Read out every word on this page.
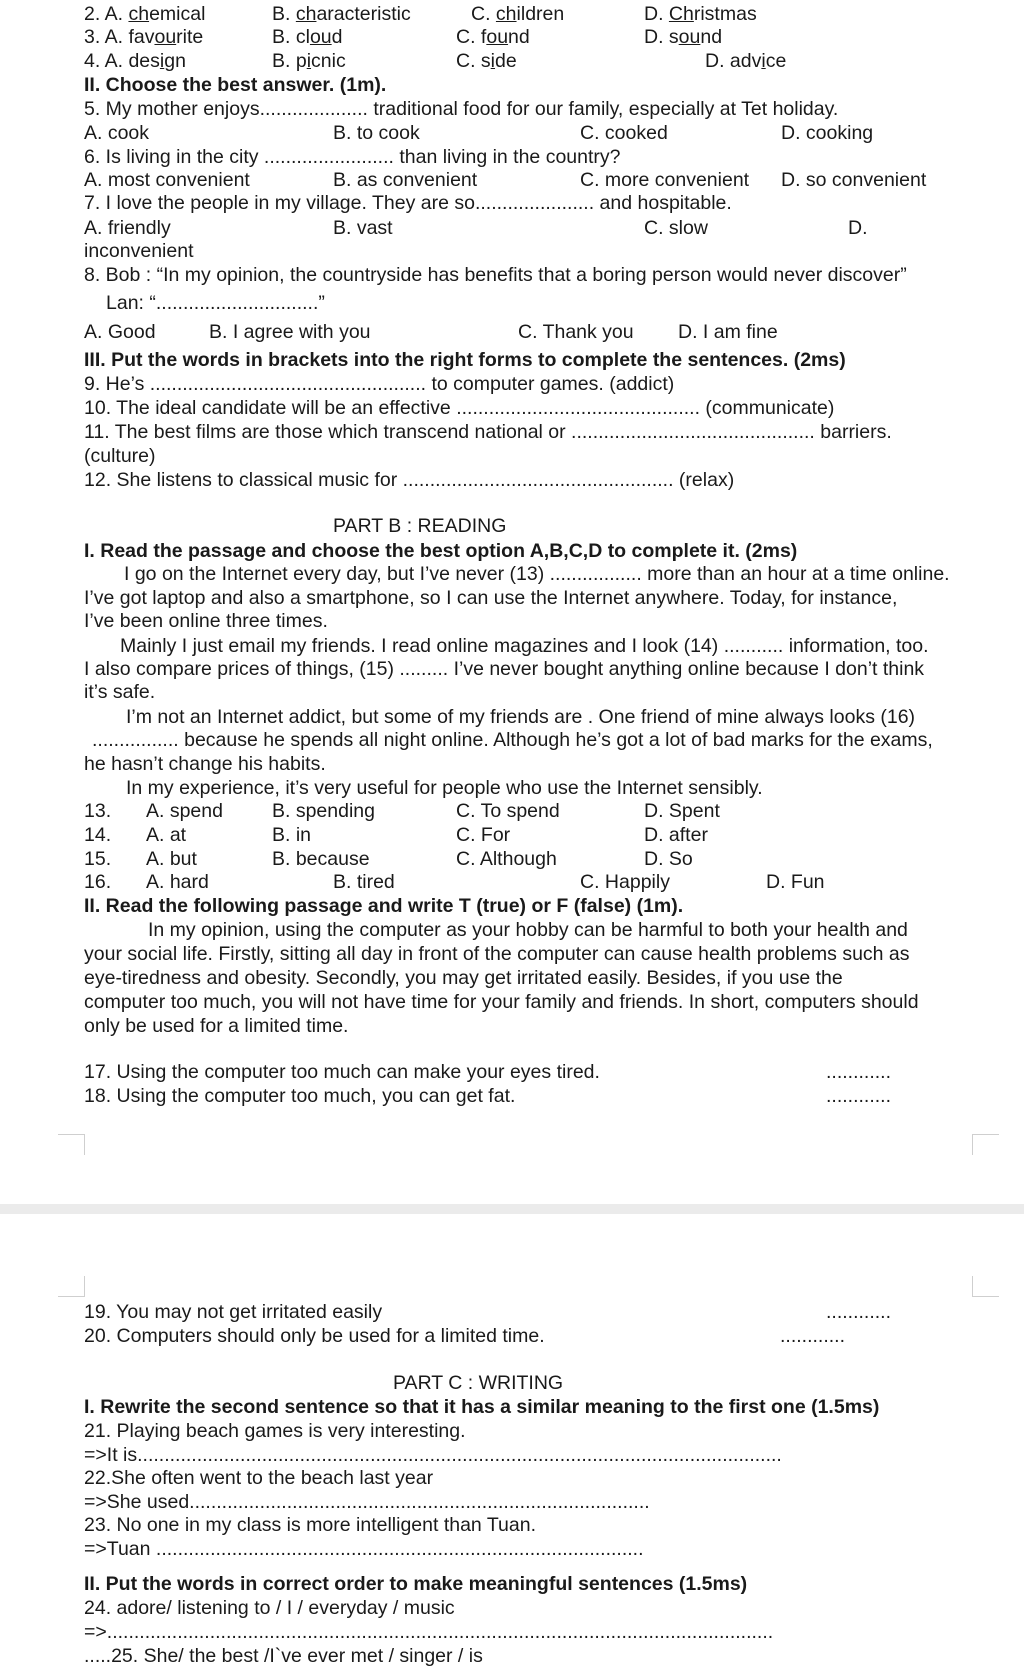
2. A. chemical	B. characteristic	C. children	D. Christmas
3. A. favourite	B. cloud	C. found	D. sound
4. A. design	B. picnic	C. side	D. advice
II. Choose the best answer. (1m).
5. My mother enjoys.................... traditional food for our family, especially at Tet holiday.
A. cook	B. to cook	C. cooked	D. cooking
6. Is living in the city ........................ than living in the country?
A. most convenient	B. as convenient	C. more convenient D. so convenient
7. I love the people in my village. They are so...................... and hospitable.
A. friendly	B. vast	C. slow	D.
inconvenient
8. Bob : “In my opinion, the countryside has benefits that a boring person would never discover”
Lan: “..............................”
A. Good	B. I agree with you	C. Thank you D. I am fine
III. Put the words in brackets into the right forms to complete the sentences. (2ms)
9. He’s ................................................... to computer games. (addict)
10. The ideal candidate will be an effective ............................................. (communicate)
11. The best films are those which transcend national or ............................................. barriers.
(culture)
12. She listens to classical music for .................................................. (relax)
PART B : READING
I. Read the passage and choose the best option A,B,C,D to complete it. (2ms)
I go on the Internet every day, but I’ve never (13) ................. more than an hour at a time online.
I’ve got laptop and also a smartphone, so I can use the Internet anywhere. Today, for instance,
I’ve been online three times.
Mainly I just email my friends. I read online magazines and I look (14) ........... information, too.
I also compare prices of things, (15) ......... I’ve never bought anything online because I don’t think
it’s safe.
I’m not an Internet addict, but some of my friends are . One friend of mine always looks (16)
................ because he spends all night online. Although he’s got a lot of bad marks for the exams,
he hasn’t change his habits.
In my experience, it’s very useful for people who use the Internet sensibly.
13. A. spend	B. spending	C. To spend	D. Spent
14. A. at	B. in	C. For	D. after
15. A. but	B. because	C. Although	D. So
16. A. hard	B. tired	C. Happily	D. Fun
II. Read the following passage and write T (true) or F (false) (1m).
In my opinion, using the computer as your hobby can be harmful to both your health and
your social life. Firstly, sitting all day in front of the computer can cause health problems such as
eye-tiredness and obesity. Secondly, you may get irritated easily. Besides, if you use the
computer too much, you will not have time for your family and friends. In short, computers should
only be used for a limited time.
17. Using the computer too much can make your eyes tired.	............
18. Using the computer too much, you can get fat.	............
19. You may not get irritated easily	............
20. Computers should only be used for a limited time.	............
PART C : WRITING
I. Rewrite the second sentence so that it has a similar meaning to the first one (1.5ms)
21. Playing beach games is very interesting.
=>It is.......................................................................................................................
22.She often went to the beach last year
=>She used.....................................................................................
23. No one in my class is more intelligent than Tuan.
=>Tuan ..........................................................................................
II. Put the words in correct order to make meaningful sentences (1.5ms)
24. adore/ listening to / I / everyday / music
=>...........................................................................................................................
.....25. She/ the best /I`ve ever met / singer / is
